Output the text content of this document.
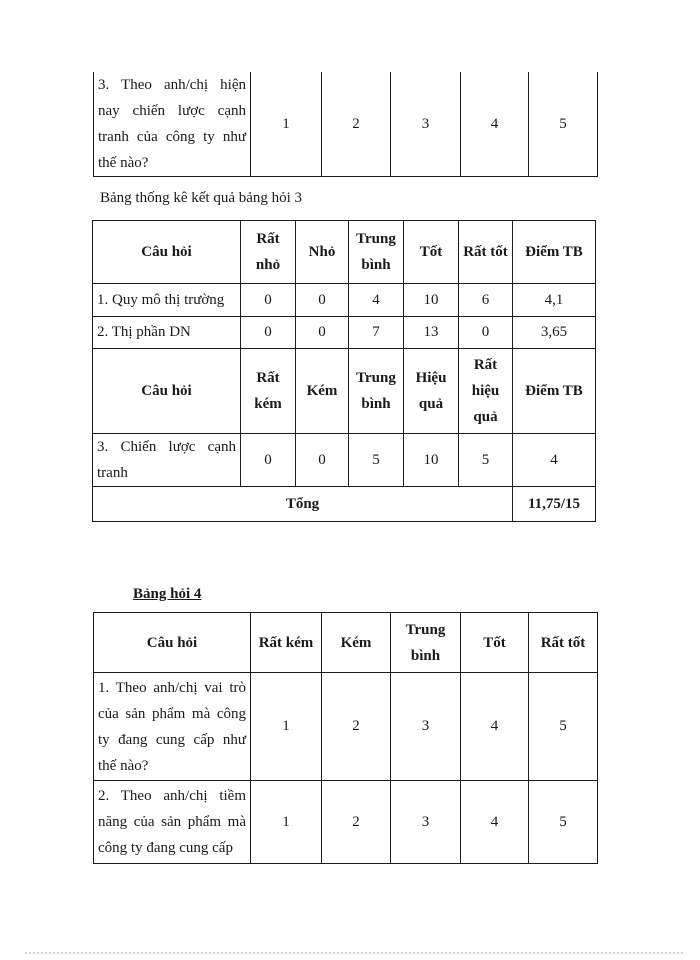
3. Theo anh/chị hiện nay chiến lược cạnh tranh của công ty như thế nào?	1	2	3	4	5

Bảng thống kê kết quả bảng hỏi 3

Câu hỏi	Rất nhỏ	Nhỏ	Trung bình	Tốt	Rất tốt	Điểm TB
1. Quy mô thị trường	0	0	4	10	6	4,1
2. Thị phần DN	0	0	7	13	0	3,65
Câu hỏi	Rất kém	Kém	Trung bình	Hiệu quả	Rất hiệu quả	Điểm TB
3. Chiến lược cạnh tranh	0	0	5	10	5	4
Tổng						11,75/15

Bảng hỏi 4

Câu hỏi	Rất kém	Kém	Trung bình	Tốt	Rất tốt
1. Theo anh/chị vai trò của sản phẩm mà công ty đang cung cấp như thế nào?	1	2	3	4	5
2. Theo anh/chị tiềm năng của sản phẩm mà công ty đang cung cấp	1	2	3	4	5
